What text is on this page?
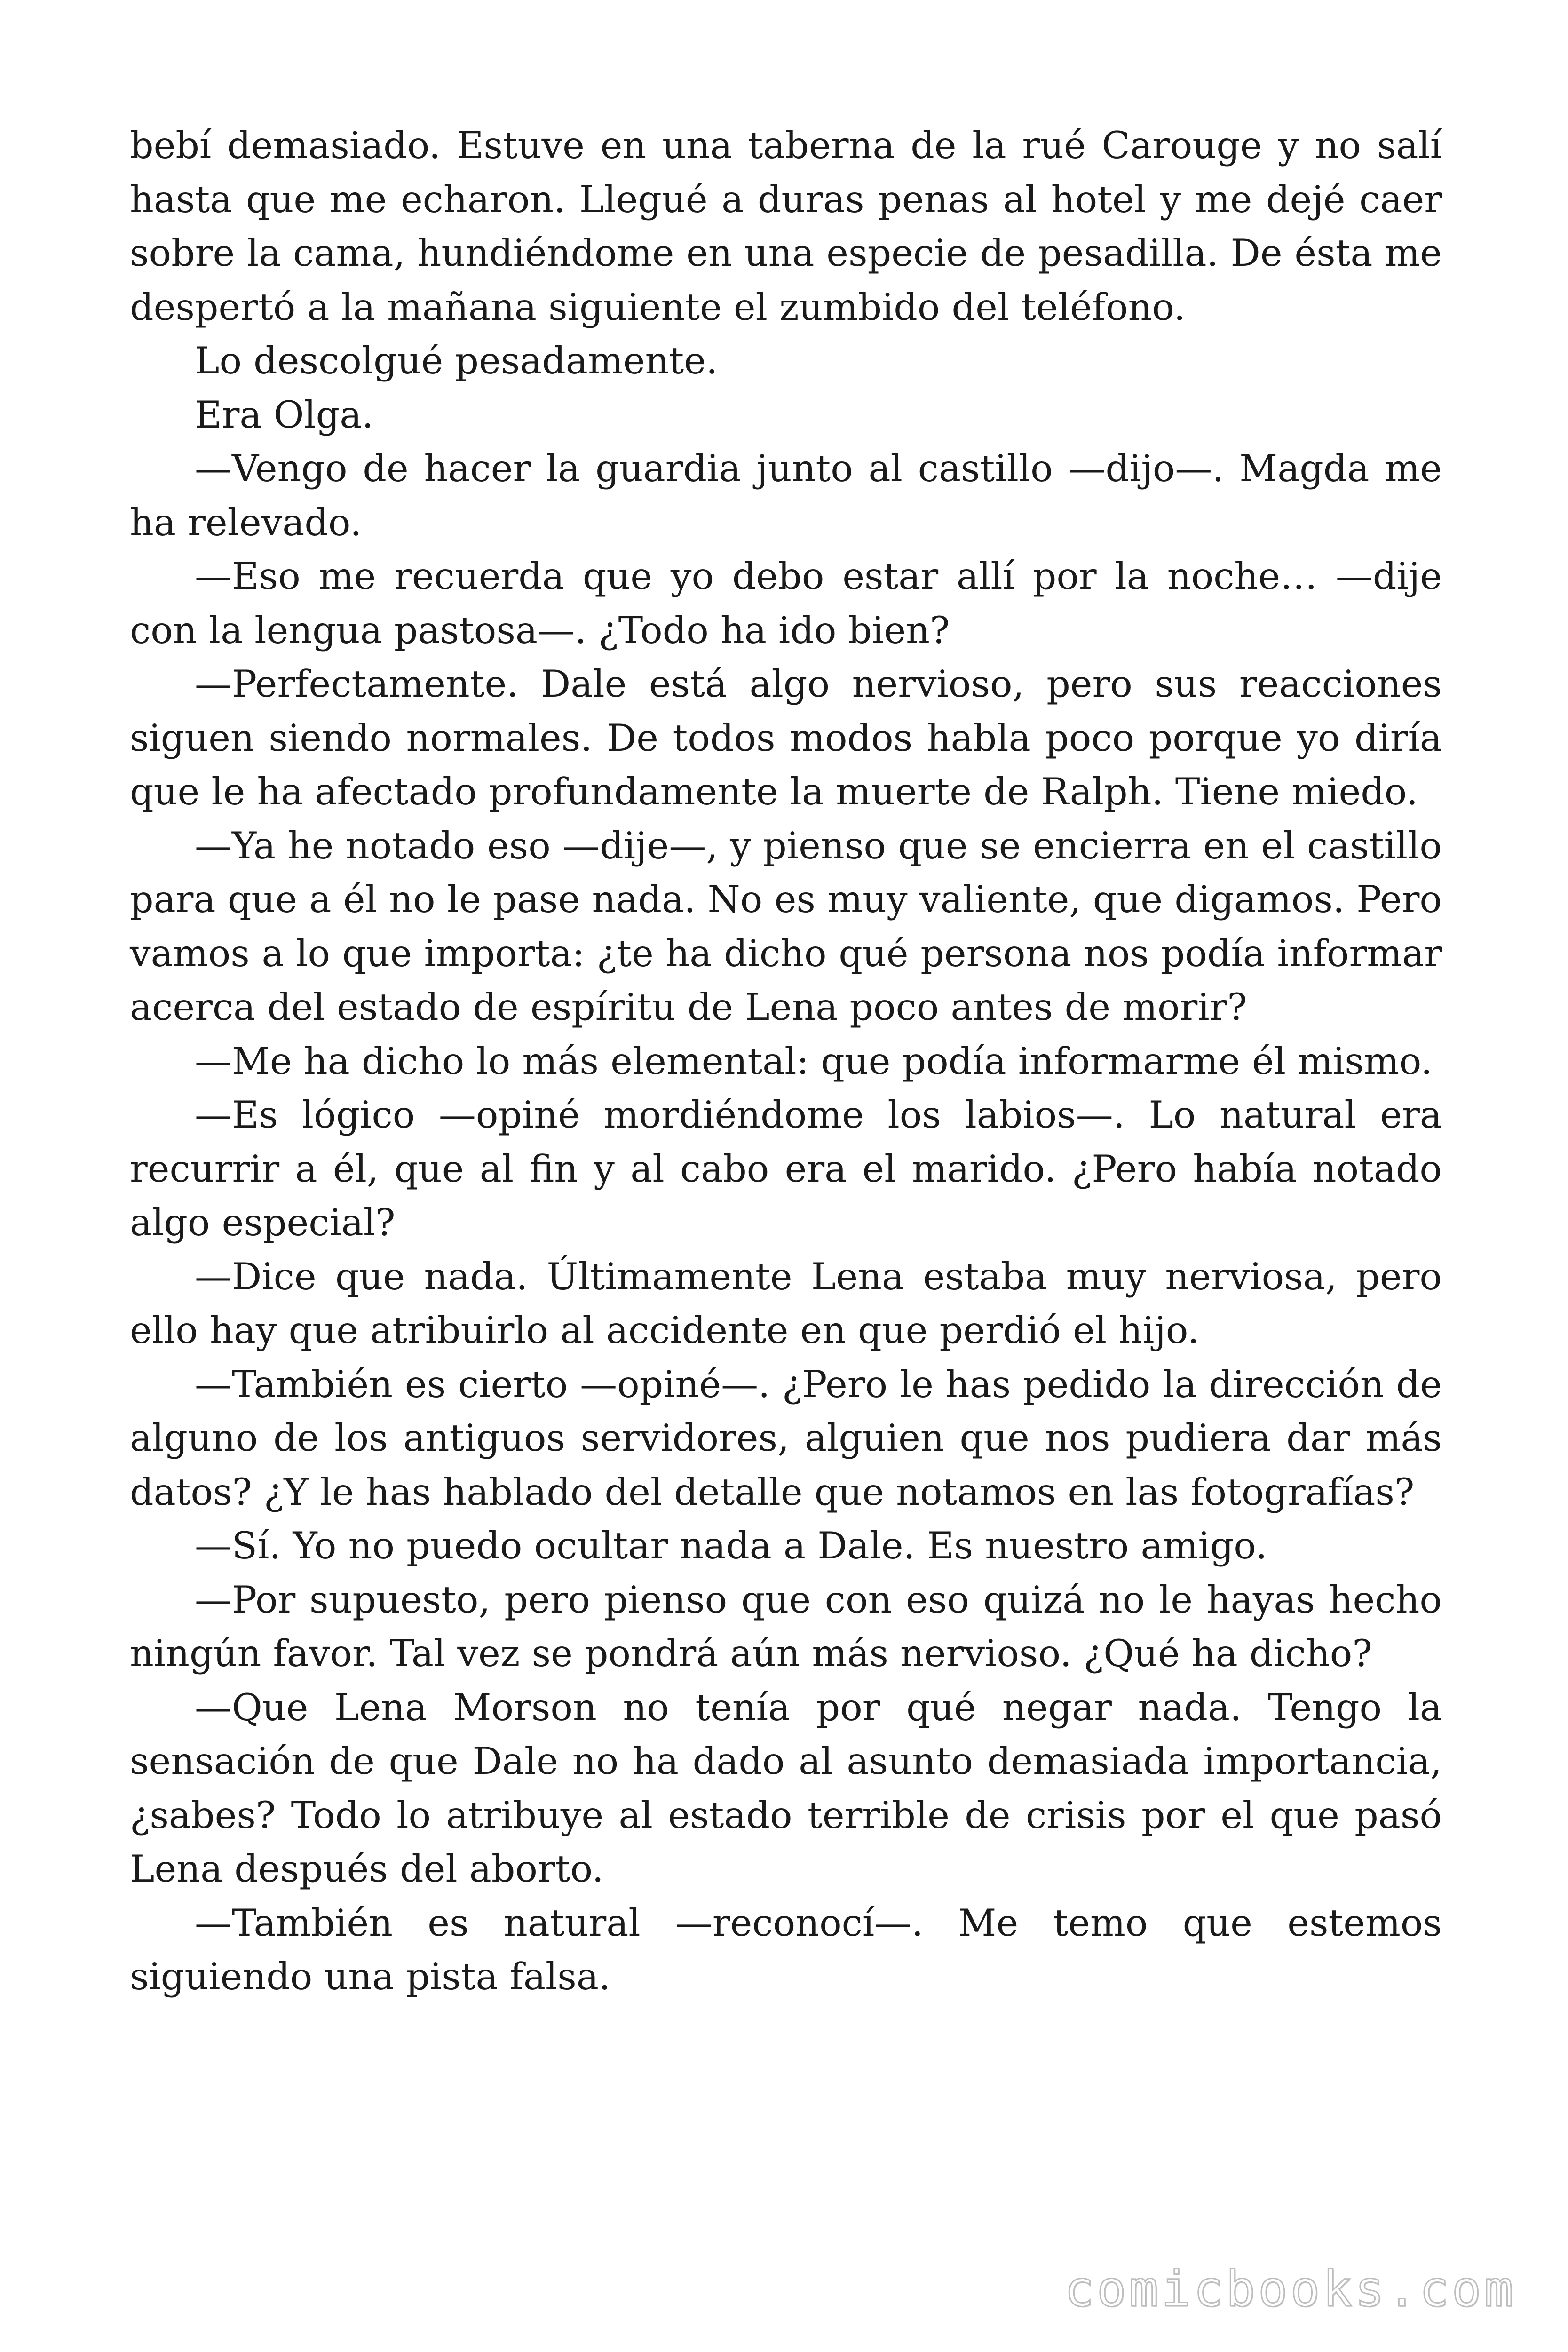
bebí demasiado. Estuve en una taberna de la rué Carouge y no salí hasta que me echaron. Llegué a duras penas al hotel y me dejé caer sobre la cama, hundiéndome en una especie de pesadilla. De ésta me despertó a la mañana siguiente el zumbido del teléfono.

Lo descolgué pesadamente.

Era Olga.

—Vengo de hacer la guardia junto al castillo —dijo—. Magda me ha relevado.

—Eso me recuerda que yo debo estar allí por la noche… —dije con la lengua pastosa—. ¿Todo ha ido bien?

—Perfectamente. Dale está algo nervioso, pero sus reacciones siguen siendo normales. De todos modos habla poco porque yo diría que le ha afectado profundamente la muerte de Ralph. Tiene miedo.

—Ya he notado eso —dije—, y pienso que se encierra en el castillo para que a él no le pase nada. No es muy valiente, que digamos. Pero vamos a lo que importa: ¿te ha dicho qué persona nos podía informar acerca del estado de espíritu de Lena poco antes de morir?

—Me ha dicho lo más elemental: que podía informarme él mismo.

—Es lógico —opiné mordiéndome los labios—. Lo natural era recurrir a él, que al fin y al cabo era el marido. ¿Pero había notado algo especial?

—Dice que nada. Últimamente Lena estaba muy nerviosa, pero ello hay que atribuirlo al accidente en que perdió el hijo.

—También es cierto —opiné—. ¿Pero le has pedido la dirección de alguno de los antiguos servidores, alguien que nos pudiera dar más datos? ¿Y le has hablado del detalle que notamos en las fotografías?

—Sí. Yo no puedo ocultar nada a Dale. Es nuestro amigo.

—Por supuesto, pero pienso que con eso quizá no le hayas hecho ningún favor. Tal vez se pondrá aún más nervioso. ¿Qué ha dicho?

—Que Lena Morson no tenía por qué negar nada. Tengo la sensación de que Dale no ha dado al asunto demasiada importancia, ¿sabes? Todo lo atribuye al estado terrible de crisis por el que pasó Lena después del aborto.

—También es natural —reconocí—. Me temo que estemos siguiendo una pista falsa.

comicbooks.com
